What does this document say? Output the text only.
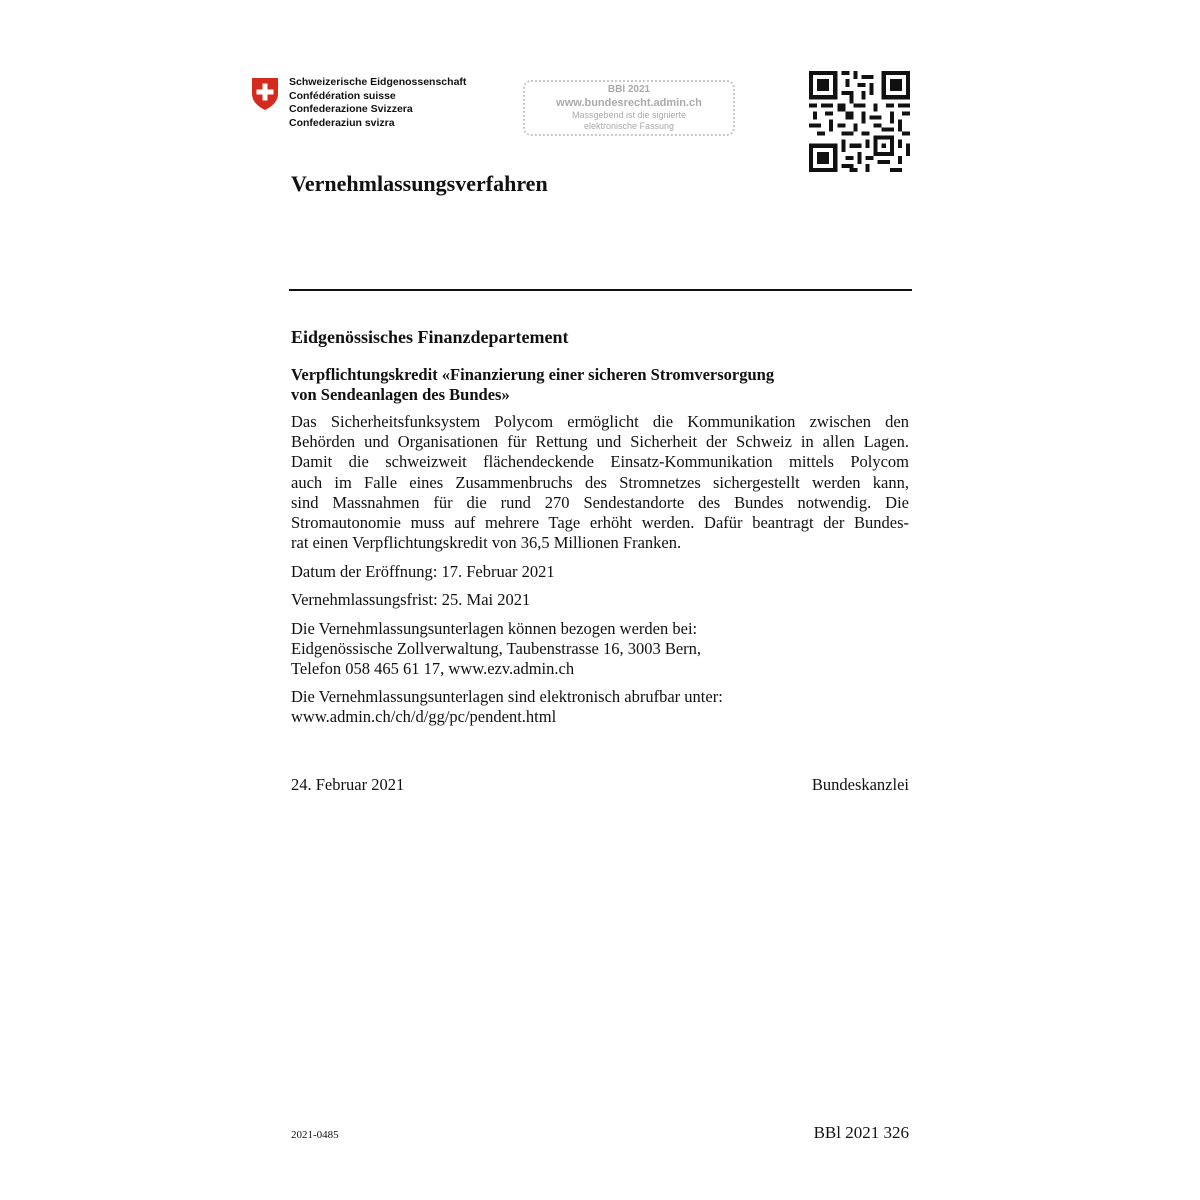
Schweizerische Eidgenossenschaft
Confédération suisse
Confederazione Svizzera
Confederaziun svizra
BBl 2021
www.bundesrecht.admin.ch
Massgebend ist die signierte
elektronische Fassung
Vernehmlassungsverfahren
Eidgenössisches Finanzdepartement
Verpflichtungskredit «Finanzierung einer sicheren Stromversorgung
von Sendeanlagen des Bundes»
Das Sicherheitsfunksystem Polycom ermöglicht die Kommunikation zwischen den
Behörden und Organisationen für Rettung und Sicherheit der Schweiz in allen Lagen.
Damit die schweizweit flächendeckende Einsatz-Kommunikation mittels Polycom
auch im Falle eines Zusammenbruchs des Stromnetzes sichergestellt werden kann,
sind Massnahmen für die rund 270 Sendestandorte des Bundes notwendig. Die
Stromautonomie muss auf mehrere Tage erhöht werden. Dafür beantragt der Bundes-
rat einen Verpflichtungskredit von 36,5 Millionen Franken.
Datum der Eröffnung: 17. Februar 2021
Vernehmlassungsfrist: 25. Mai 2021
Die Vernehmlassungsunterlagen können bezogen werden bei:
Eidgenössische Zollverwaltung, Taubenstrasse 16, 3003 Bern,
Telefon 058 465 61 17, www.ezv.admin.ch
Die Vernehmlassungsunterlagen sind elektronisch abrufbar unter:
www.admin.ch/ch/d/gg/pc/pendent.html
24. Februar 2021	Bundeskanzlei
2021-0485	BBl 2021 326
